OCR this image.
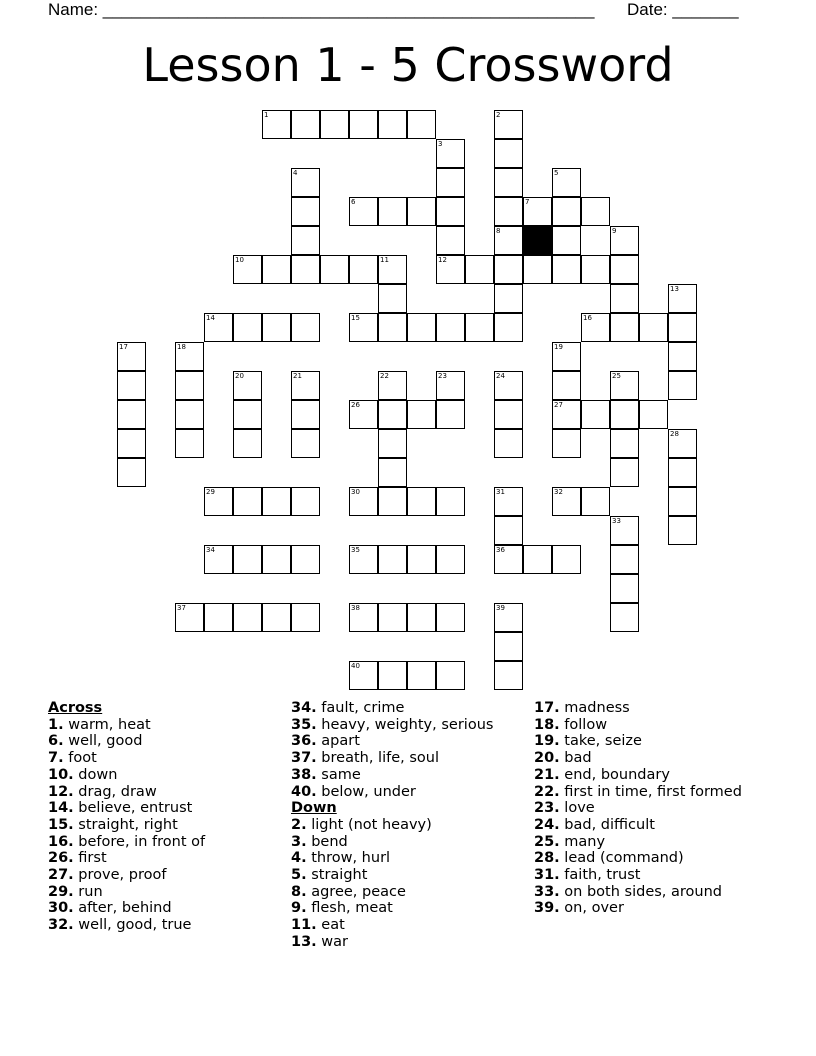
Name: ____________________________________________________ Date: _______
Lesson 1 - 5 Crossword
1
6	7
10	12
14	15	16
26	27
29	30	32
34	35	36
37	38
40
2
8
3
4	5
9
11
13
17	18	19
20	21	22	23	24	25
28
31
33
39
Across
1. warm, heat
6. well, good
7. foot
10. down
12. drag, draw
14. believe, entrust
15. straight, right
16. before, in front of
26. first
27. prove, proof
29. run
30. after, behind
32. well, good, true
34. fault, crime
35. heavy, weighty, serious
36. apart
37. breath, life, soul
38. same
40. below, under
Down
2. light (not heavy)
3. bend
4. throw, hurl
5. straight
8. agree, peace
9. flesh, meat
11. eat
13. war
17. madness
18. follow
19. take, seize
20. bad
21. end, boundary
22. first in time, first formed
23. love
24. bad, difficult
25. many
28. lead (command)
31. faith, trust
33. on both sides, around
39. on, over
